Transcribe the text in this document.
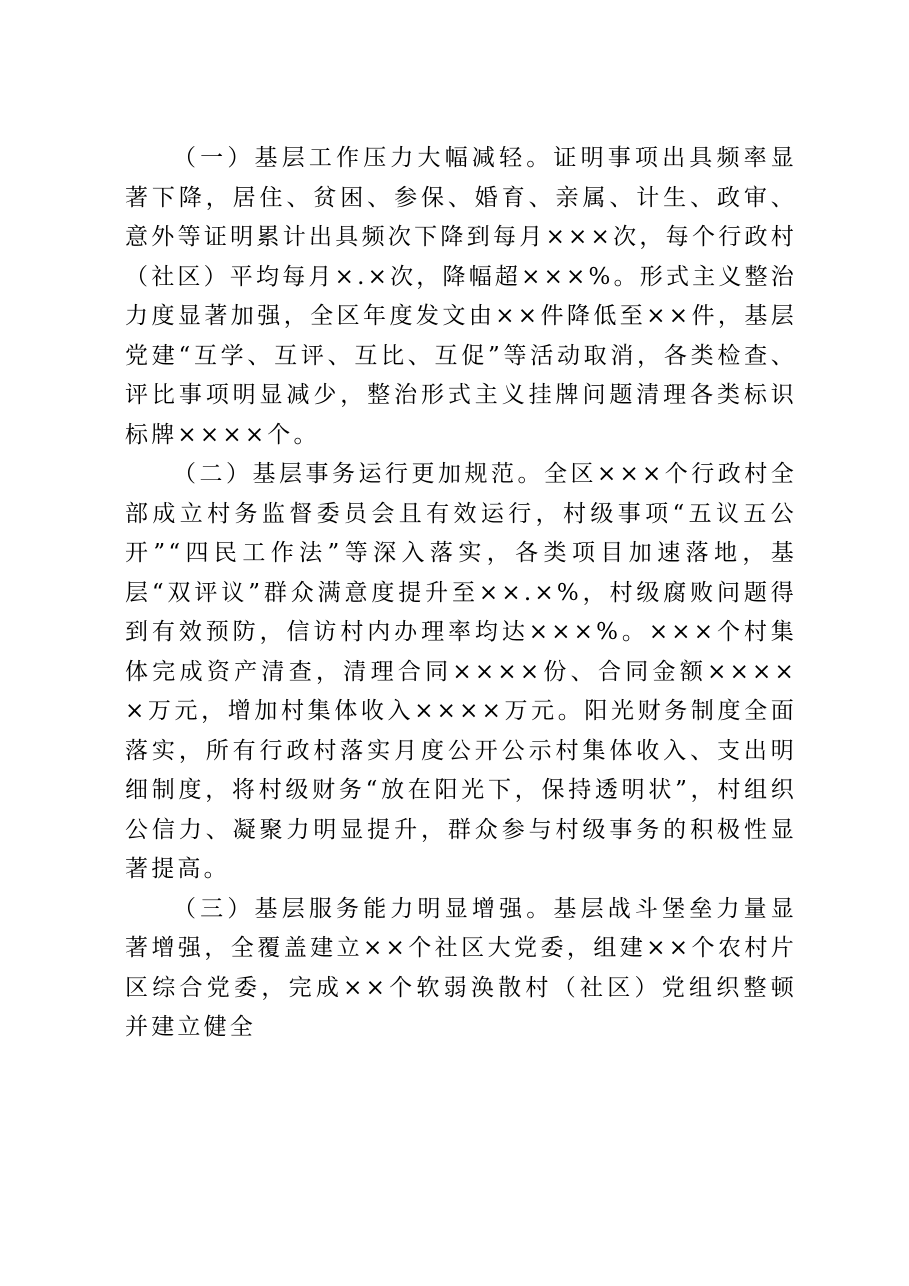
（一）基层工作压力大幅减轻。证明事项出具频率显著下降，居住、贫困、参保、婚育、亲属、计生、政审、意外等证明累计出具频次下降到每月×××次，每个行政村（社区）平均每月×.×次，降幅超×××%。形式主义整治力度显著加强，全区年度发文由××件降低至××件，基层党建“互学、互评、互比、互促”等活动取消，各类检查、评比事项明显减少，整治形式主义挂牌问题清理各类标识标牌××××个。

（二）基层事务运行更加规范。全区×××个行政村全部成立村务监督委员会且有效运行，村级事项“五议五公开”“四民工作法”等深入落实，各类项目加速落地，基层“双评议”群众满意度提升至××.×%，村级腐败问题得到有效预防，信访村内办理率均达×××%。×××个村集体完成资产清查，清理合同××××份、合同金额×××××万元，增加村集体收入××××万元。阳光财务制度全面落实，所有行政村落实月度公开公示村集体收入、支出明细制度，将村级财务“放在阳光下，保持透明状”，村组织公信力、凝聚力明显提升，群众参与村级事务的积极性显著提高。

（三）基层服务能力明显增强。基层战斗堡垒力量显著增强，全覆盖建立××个社区大党委，组建××个农村片区综合党委，完成××个软弱涣散村（社区）党组织整顿并建立健全
